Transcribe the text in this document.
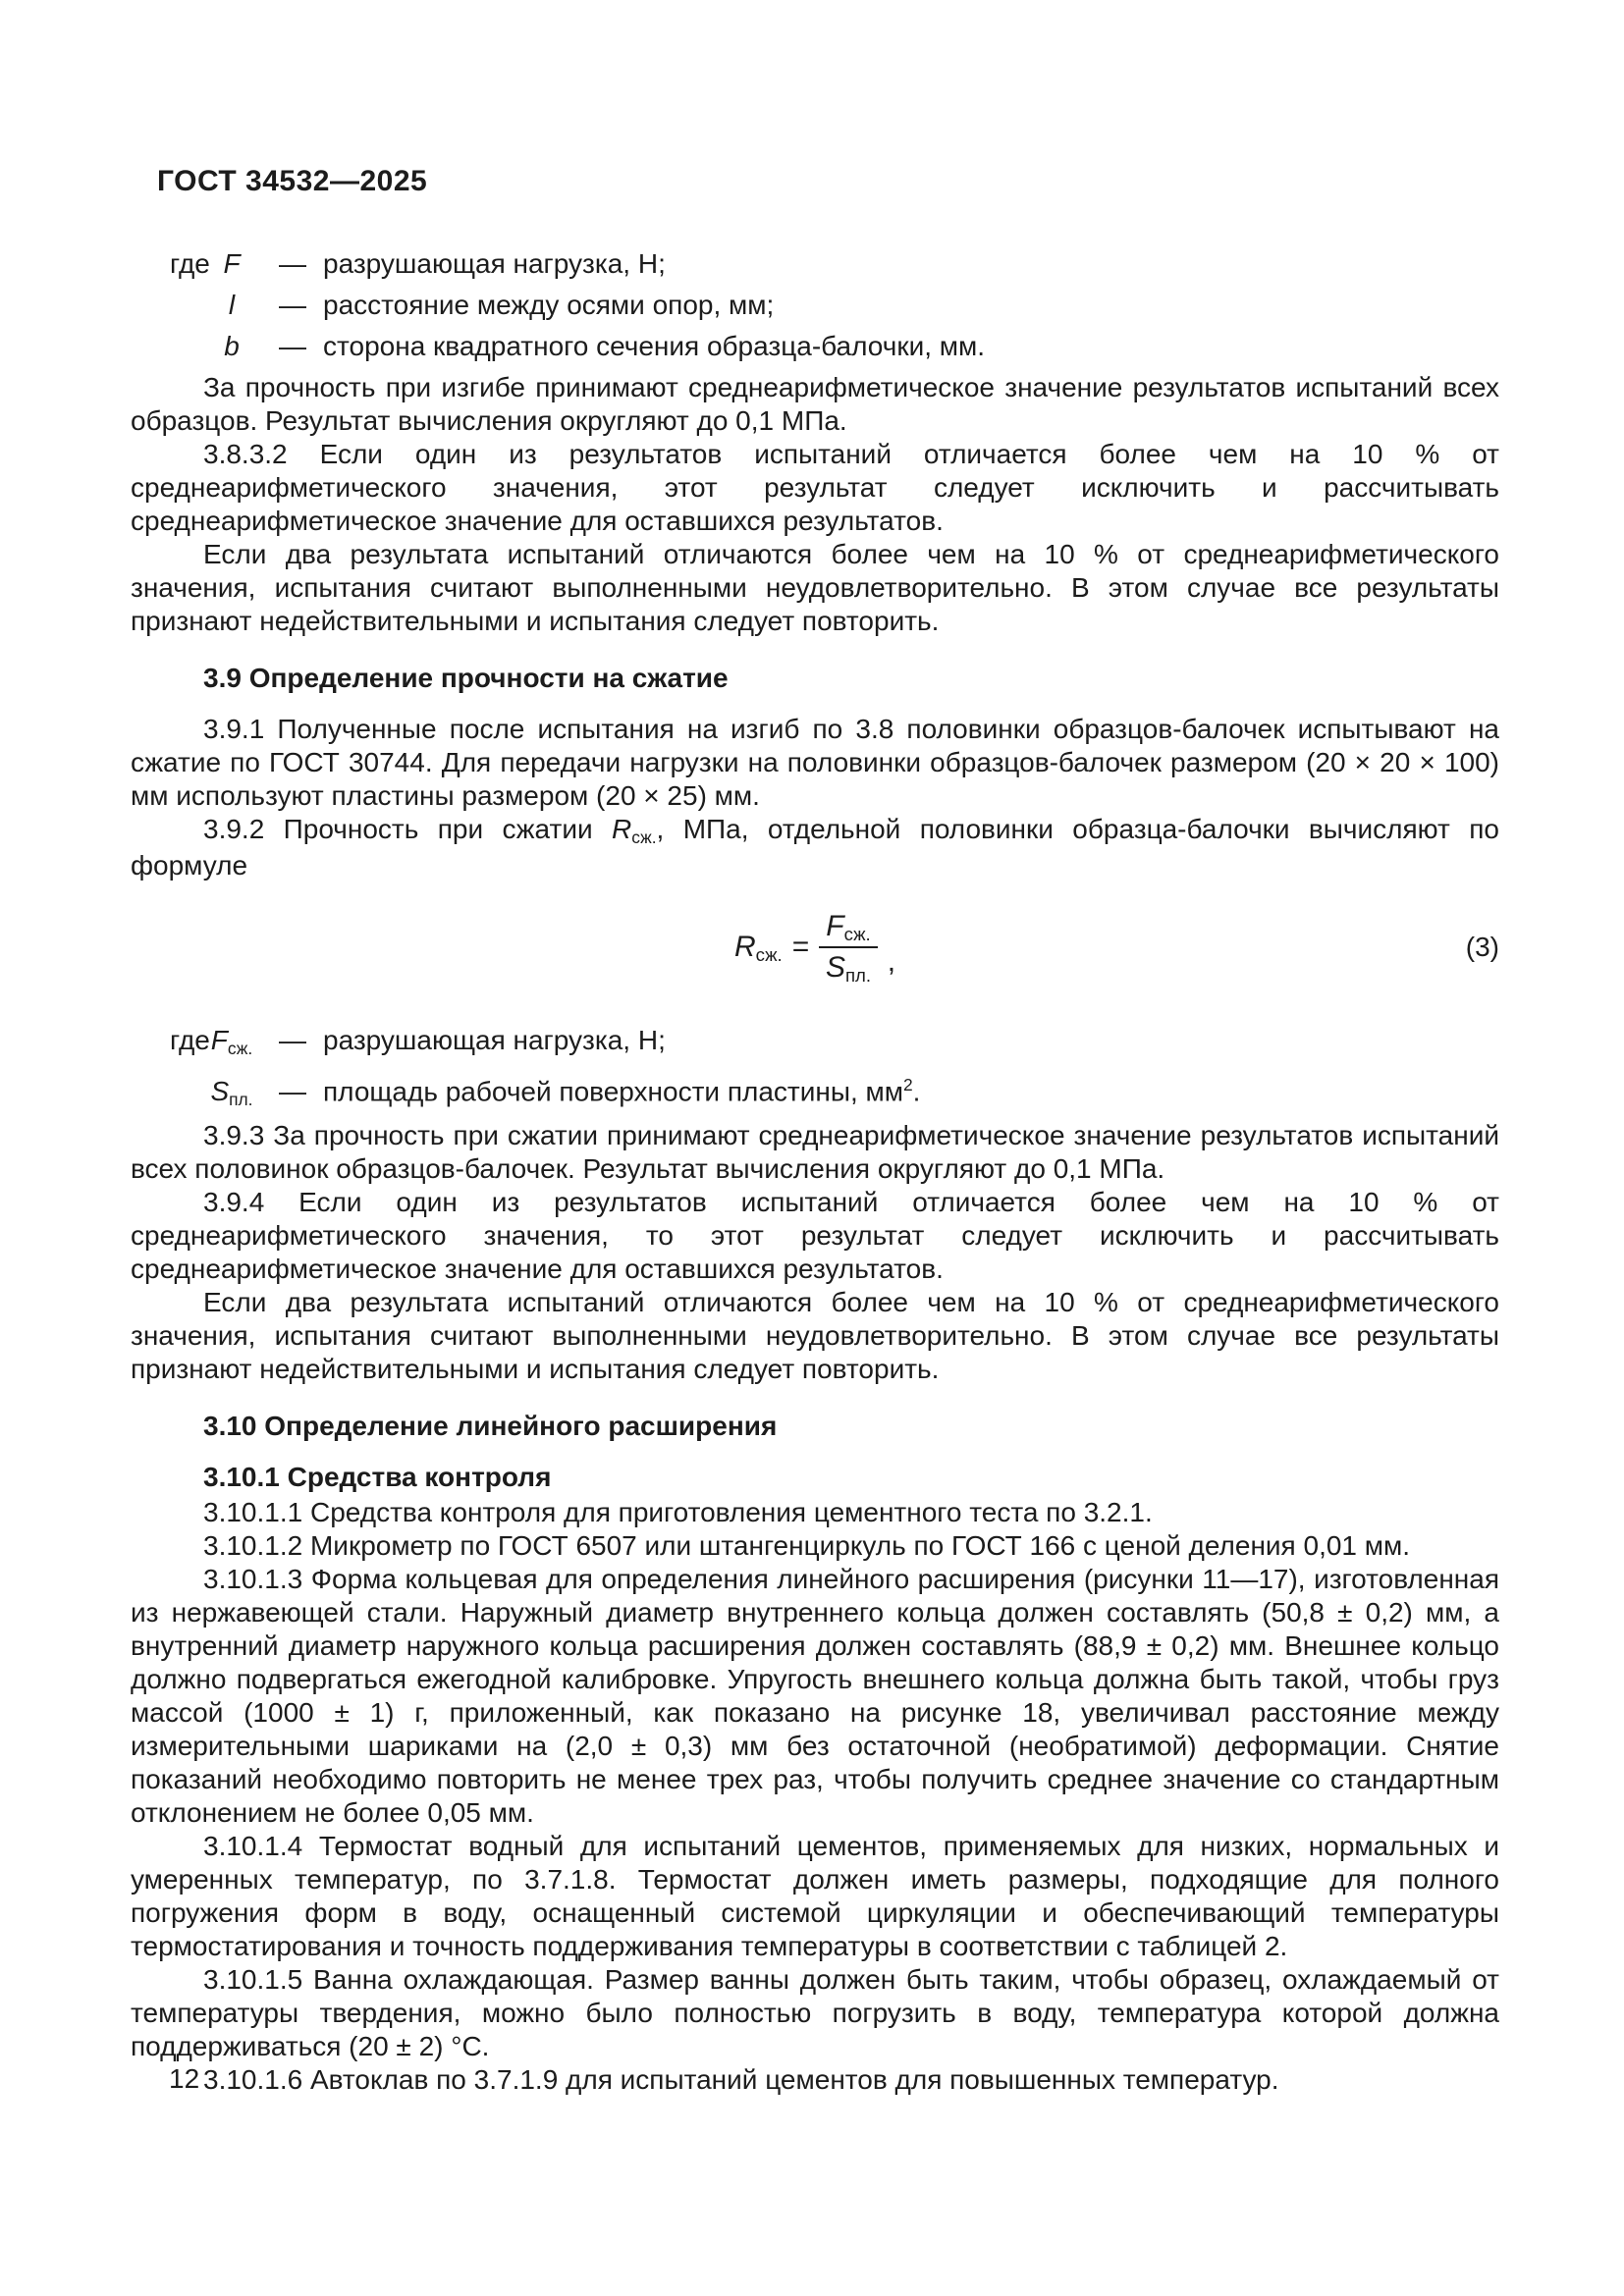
ГОСТ 34532—2025
где F	— разрушающая нагрузка, Н;
l	— расстояние между осями опор, мм;
b	— сторона квадратного сечения образца-балочки, мм.

За прочность при изгибе принимают среднеарифметическое значение результатов испытаний всех образцов. Результат вычисления округляют до 0,1 МПа.

3.8.3.2 Если один из результатов испытаний отличается более чем на 10 % от среднеарифметического значения, этот результат следует исключить и рассчитывать среднеарифметическое значение для оставшихся результатов.

Если два результата испытаний отличаются более чем на 10 % от среднеарифметического значения, испытания считают выполненными неудовлетворительно. В этом случае все результаты признают недействительными и испытания следует повторить.

3.9 Определение прочности на сжатие

3.9.1 Полученные после испытания на изгиб по 3.8 половинки образцов-балочек испытывают на сжатие по ГОСТ 30744. Для передачи нагрузки на половинки образцов-балочек размером (20 × 20 × 100) мм используют пластины размером (20 × 25) мм.

3.9.2 Прочность при сжатии $R_{сж.}$, МПа, отдельной половинки образца-балочки вычисляют по формуле

$R_{сж.} = \frac{F_{сж.}}{S_{пл.}}$ ,	(3)
где $F_{сж.}$ — разрушающая нагрузка, Н;
$S_{пл.}$ — площадь рабочей поверхности пластины, $мм^2$.

3.9.3 За прочность при сжатии принимают среднеарифметическое значение результатов испытаний всех половинок образцов-балочек. Результат вычисления округляют до 0,1 МПа.

3.9.4 Если один из результатов испытаний отличается более чем на 10 % от среднеарифметического значения, то этот результат следует исключить и рассчитывать среднеарифметическое значение для оставшихся результатов.

Если два результата испытаний отличаются более чем на 10 % от среднеарифметического значения, испытания считают выполненными неудовлетворительно. В этом случае все результаты признают недействительными и испытания следует повторить.

3.10 Определение линейного расширения
3.10.1 Средства контроля

3.10.1.1 Средства контроля для приготовления цементного теста по 3.2.1.

3.10.1.2 Микрометр по ГОСТ 6507 или штангенциркуль по ГОСТ 166 с ценой деления 0,01 мм.

3.10.1.3 Форма кольцевая для определения линейного расширения (рисунки 11—17), изготовленная из нержавеющей стали. Наружный диаметр внутреннего кольца должен составлять (50,8 ± 0,2) мм, а внутренний диаметр наружного кольца расширения должен составлять (88,9 ± 0,2) мм. Внешнее кольцо должно подвергаться ежегодной калибровке. Упругость внешнего кольца должна быть такой, чтобы груз массой (1000 ± 1) г, приложенный, как показано на рисунке 18, увеличивал расстояние между измерительными шариками на (2,0 ± 0,3) мм без остаточной (необратимой) деформации. Снятие показаний необходимо повторить не менее трех раз, чтобы получить среднее значение со стандартным отклонением не более 0,05 мм.

3.10.1.4 Термостат водный для испытаний цементов, применяемых для низких, нормальных и умеренных температур, по 3.7.1.8. Термостат должен иметь размеры, подходящие для полного погружения форм в воду, оснащенный системой циркуляции и обеспечивающий температуры термостатирования и точность поддерживания температуры в соответствии с таблицей 2.

3.10.1.5 Ванна охлаждающая. Размер ванны должен быть таким, чтобы образец, охлаждаемый от температуры твердения, можно было полностью погрузить в воду, температура которой должна поддерживаться (20 ± 2) °С.

3.10.1.6 Автоклав по 3.7.1.9 для испытаний цементов для повышенных температур.

12
